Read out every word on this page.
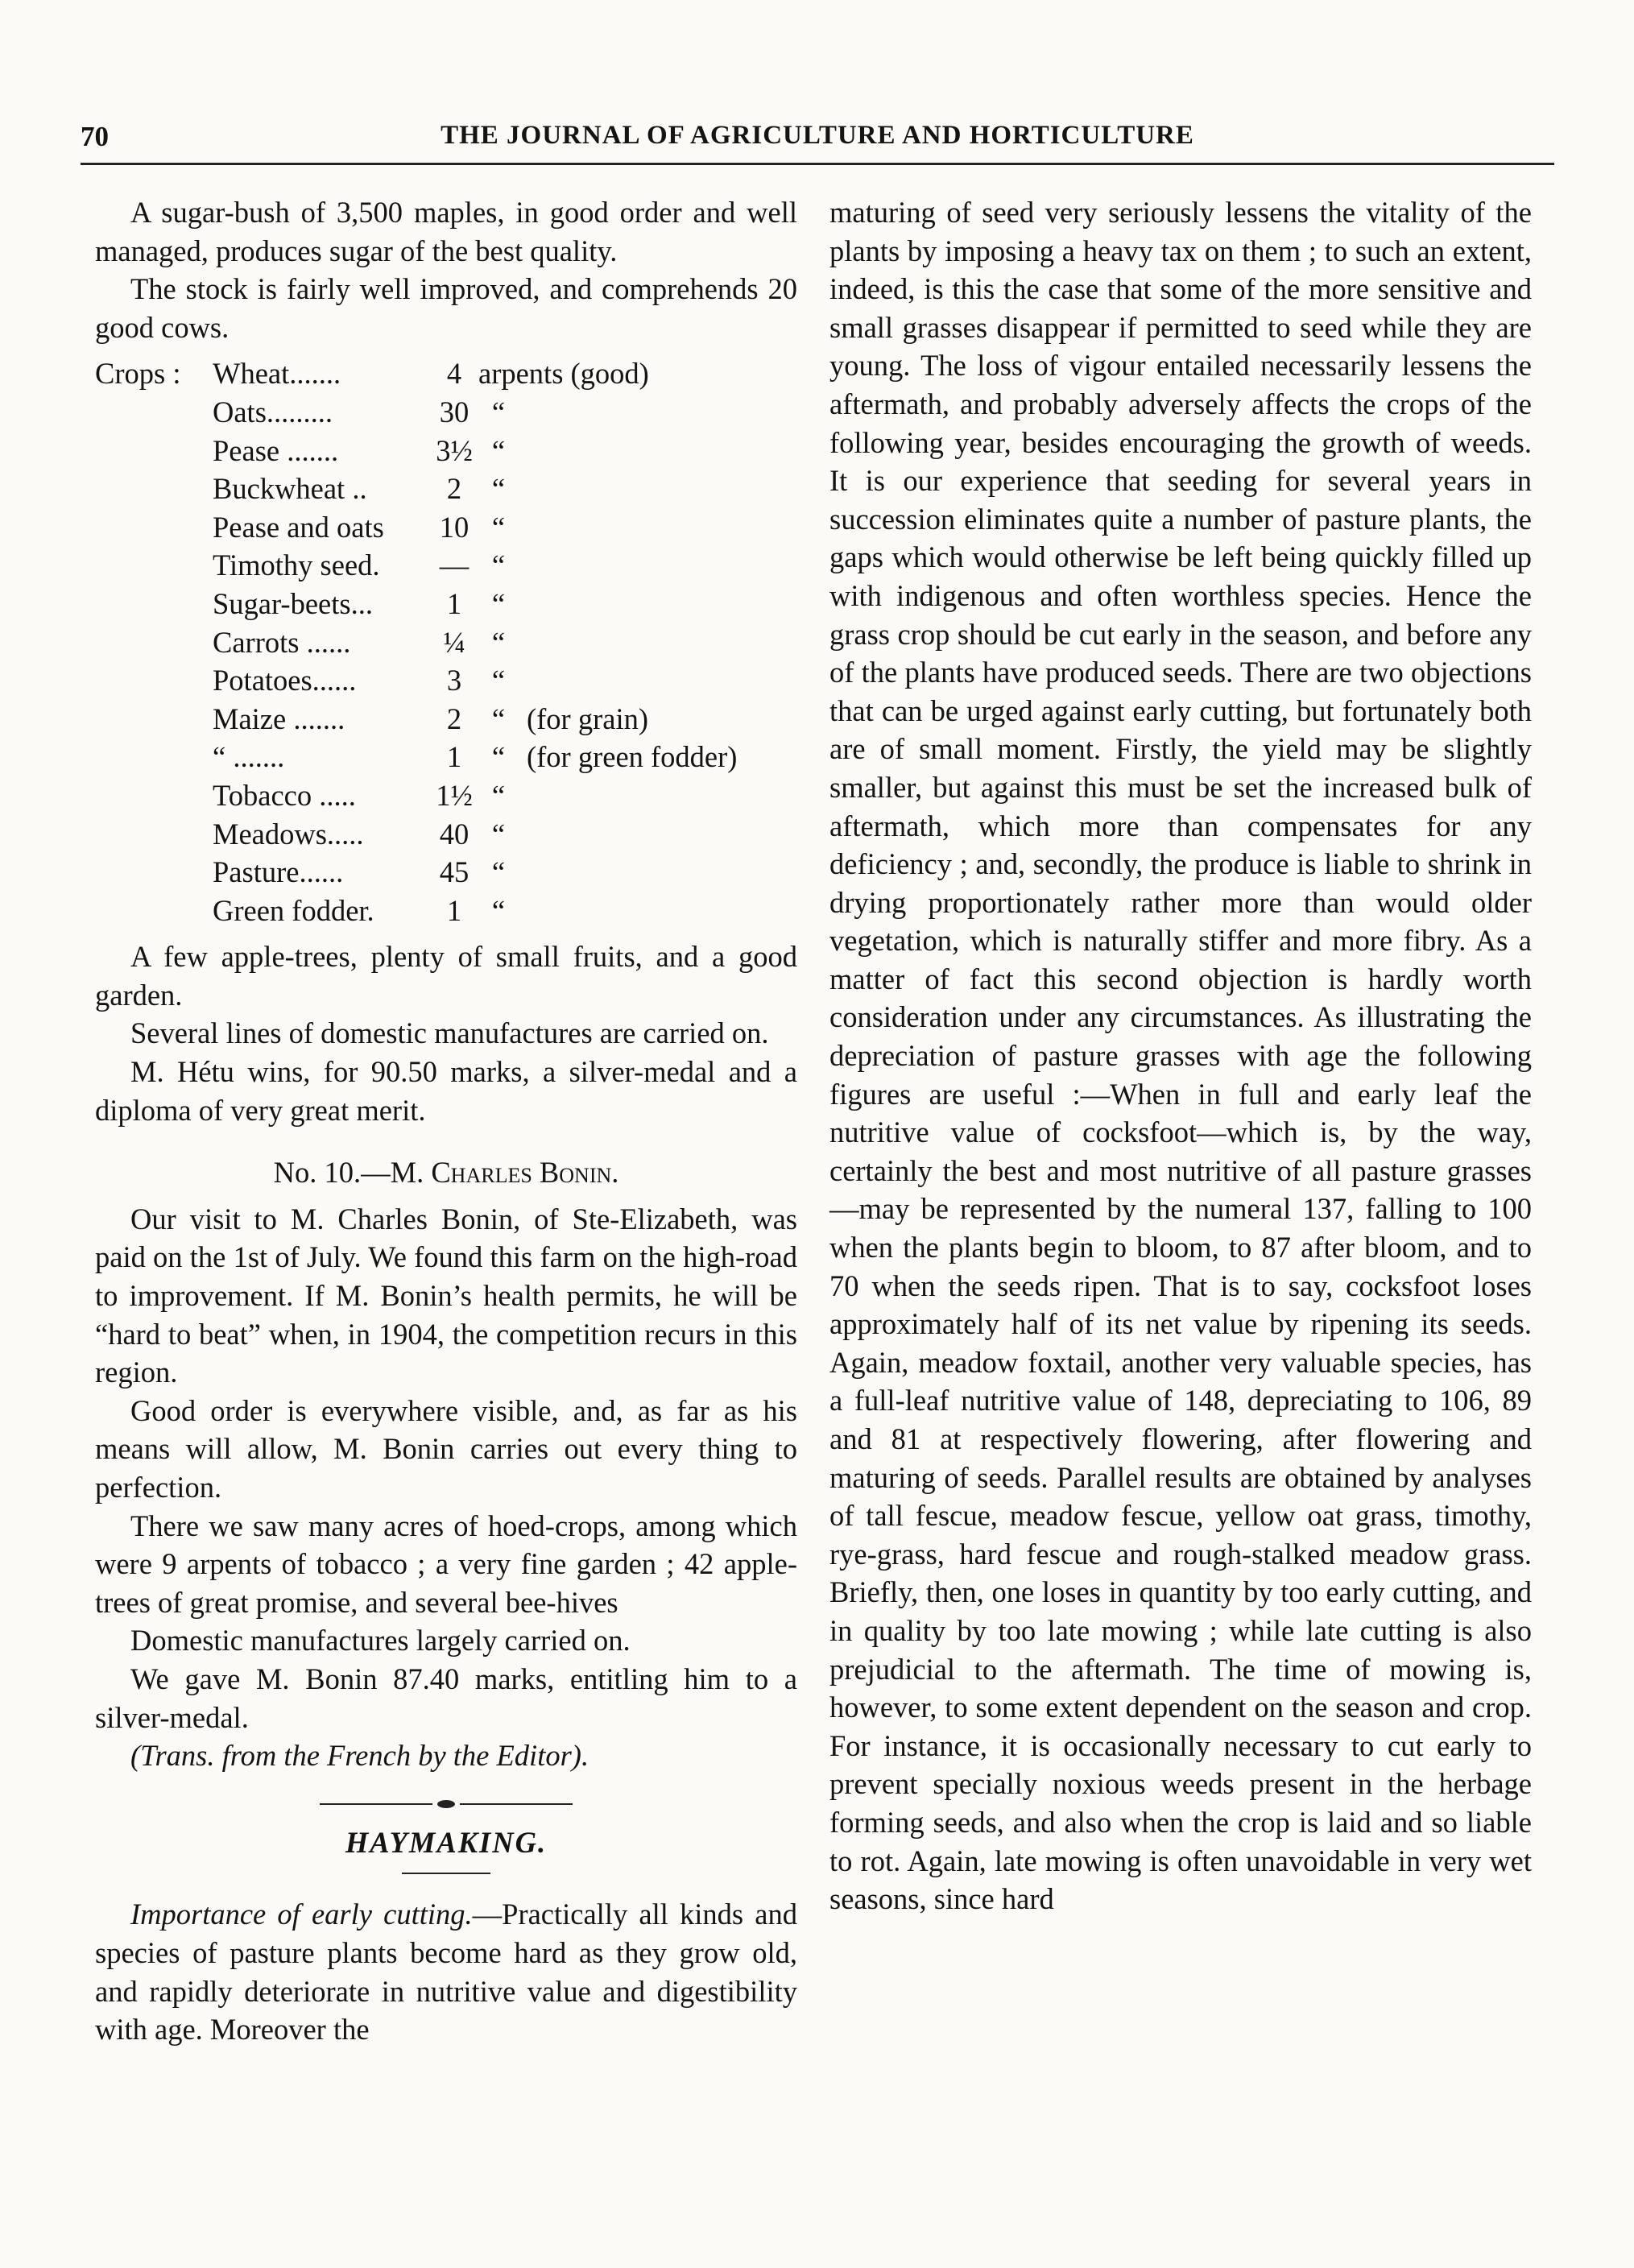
70	THE JOURNAL OF AGRICULTURE AND HORTICULTURE

A sugar-bush of 3,500 maples, in good order and well managed, produces sugar of the best quality.

The stock is fairly well improved, and comprehends 20 good cows.

Crops :	Wheat.......	4 arpents (good)
Oats.........	30 “
Pease .......	3½ “
Buckwheat ..	2	“
Pease and oats	10 “
Timothy seed.	— “
Sugar-beets...	1	“
Carrots ......	¼ “
Potatoes......	3	“
Maize .......	2	“ (for grain)
“ .......	1	“ (for green fodder)
Tobacco .....	1½ “
Meadows.....	40 “
Pasture......	45 “
Green fodder.	1	“

A few apple-trees, plenty of small fruits, and a good garden.

Several lines of domestic manufactures are carried on.

M. Hétu wins, for 90.50 marks, a silver-medal and a diploma of very great merit.

No. 10.—M. Charles Bonin.

Our visit to M. Charles Bonin, of Ste-Elizabeth, was paid on the 1st of July. We found this farm on the high-road to improvement. If M. Bonin’s health permits, he will be “hard to beat” when, in 1904, the competition recurs in this region.

Good order is everywhere visible, and, as far as his means will allow, M. Bonin carries out every thing to perfection.

There we saw many acres of hoed-crops, among which were 9 arpents of tobacco ; a very fine garden ; 42 apple-trees of great promise, and several bee-hives

Domestic manufactures largely carried on.

We gave M. Bonin 87.40 marks, entitling him to a silver-medal.

(Trans. from the French by the Editor).

HAYMAKING.

Importance of early cutting.—Practically all kinds and species of pasture plants become hard as they grow old, and rapidly deteriorate in nutritive value and digestibility with age. Moreover the

maturing of seed very seriously lessens the vitality of the plants by imposing a heavy tax on them ; to such an extent, indeed, is this the case that some of the more sensitive and small grasses disappear if permitted to seed while they are young. The loss of vigour entailed necessarily lessens the aftermath, and probably adversely affects the crops of the following year, besides encouraging the growth of weeds. It is our experience that seeding for several years in succession eliminates quite a number of pasture plants, the gaps which would otherwise be left being quickly filled up with indigenous and often worthless species. Hence the grass crop should be cut early in the season, and before any of the plants have produced seeds. There are two objections that can be urged against early cutting, but fortunately both are of small moment. Firstly, the yield may be slightly smaller, but against this must be set the increased bulk of aftermath, which more than compensates for any deficiency ; and, secondly, the produce is liable to shrink in drying proportionately rather more than would older vegetation, which is naturally stiffer and more fibry. As a matter of fact this second objection is hardly worth consideration under any circumstances. As illustrating the depreciation of pasture grasses with age the following figures are useful :—When in full and early leaf the nutritive value of cocksfoot—which is, by the way, certainly the best and most nutritive of all pasture grasses—may be represented by the numeral 137, falling to 100 when the plants begin to bloom, to 87 after bloom, and to 70 when the seeds ripen. That is to say, cocksfoot loses approximately half of its net value by ripening its seeds. Again, meadow foxtail, another very valuable species, has a full-leaf nutritive value of 148, depreciating to 106, 89 and 81 at respectively flowering, after flowering and maturing of seeds. Parallel results are obtained by analyses of tall fescue, meadow fescue, yellow oat grass, timothy, rye-grass, hard fescue and rough-stalked meadow grass. Briefly, then, one loses in quantity by too early cutting, and in quality by too late mowing ; while late cutting is also prejudicial to the aftermath. The time of mowing is, however, to some extent dependent on the season and crop. For instance, it is occasionally necessary to cut early to prevent specially noxious weeds present in the herbage forming seeds, and also when the crop is laid and so liable to rot. Again, late mowing is often unavoidable in very wet seasons, since hard
